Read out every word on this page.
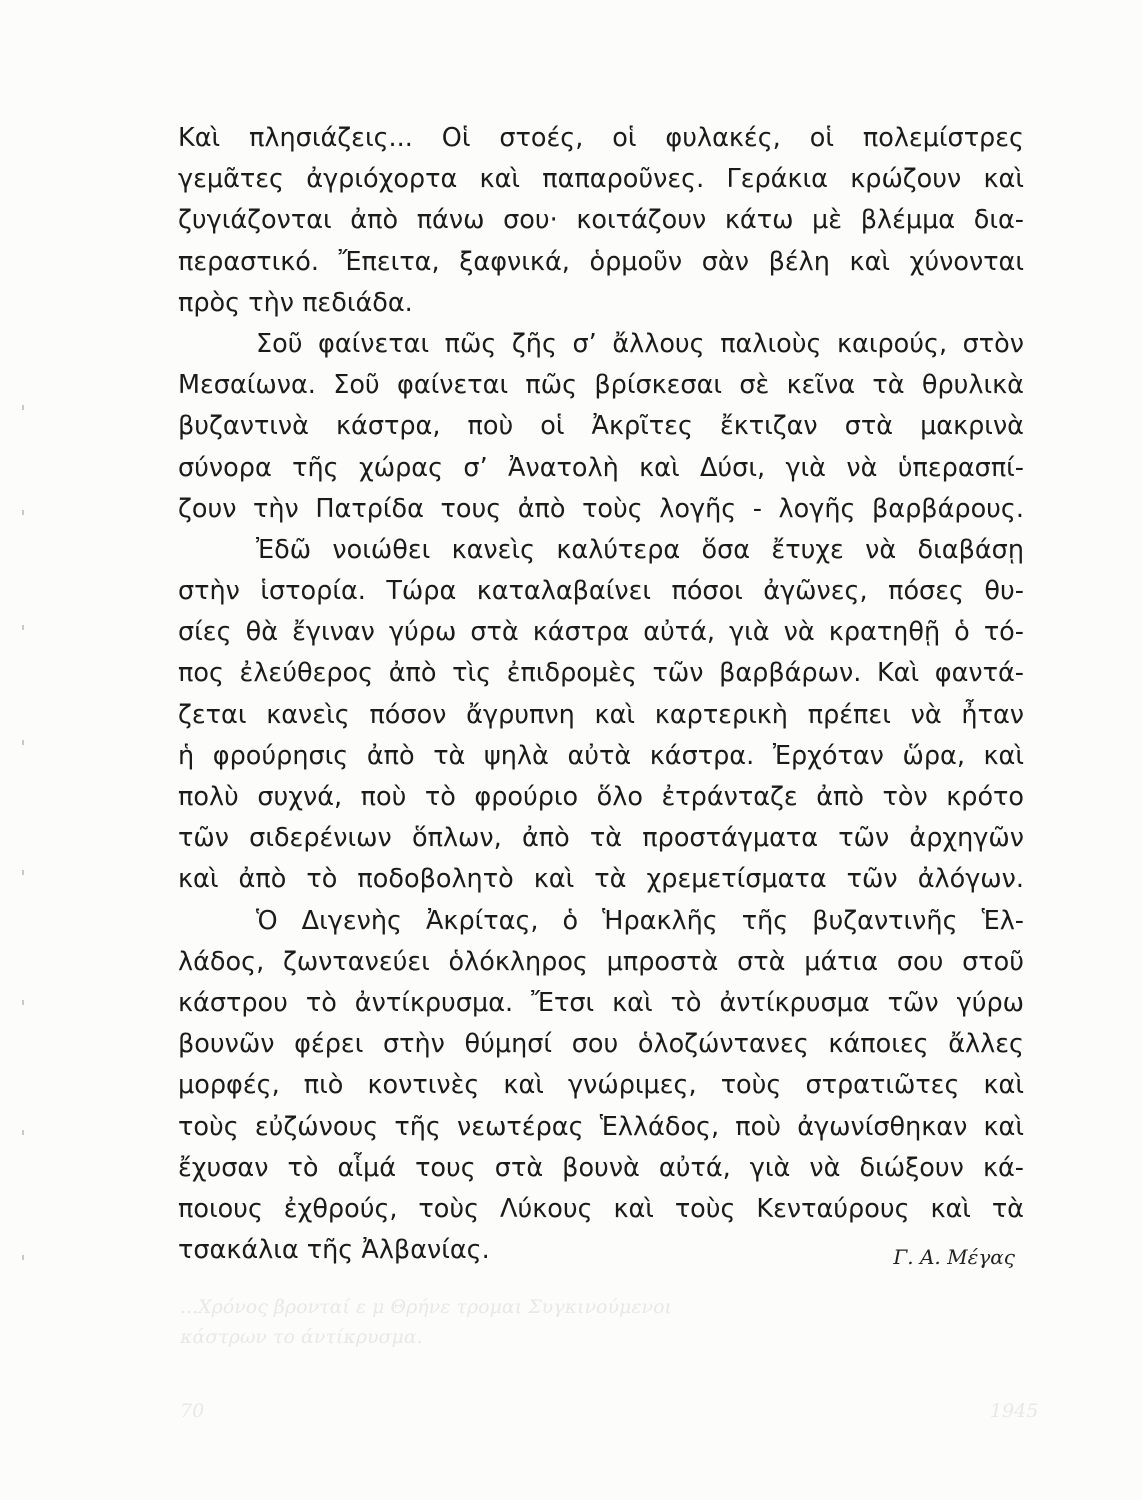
...Χρόνος βρονταί ε μ Θρήνε τρομαι Συγκινούμενοι
κάστρων το άντίκρυσμα.
70	1945
Καὶ πλησιάζεις... Οἱ στοές, οἱ φυλακές, οἱ πολεμίστρες
γεμᾶτες ἀγριόχορτα καὶ παπαροῦνες. Γεράκια κρώζουν καὶ
ζυγιάζονται ἀπὸ πάνω σου· κοιτάζουν κάτω μὲ βλέμμα δια-
περαστικό. Ἔπειτα, ξαφνικά, ὁρμοῦν σὰν βέλη καὶ χύνονται
πρὸς τὴν πεδιάδα.
Σοῦ φαίνεται πῶς ζῆς σ’ ἄλλους παλιοὺς καιρούς, στὸν
Μεσαίωνα. Σοῦ φαίνεται πῶς βρίσκεσαι σὲ κεῖνα τὰ θρυλικὰ
βυζαντινὰ κάστρα, ποὺ οἱ Ἀκρῖτες ἔκτιζαν στὰ μακρινὰ
σύνορα τῆς χώρας σ’ Ἀνατολὴ καὶ Δύσι, γιὰ νὰ ὑπερασπί-
ζουν τὴν Πατρίδα τους ἀπὸ τοὺς λογῆς - λογῆς βαρβάρους.
Ἐδῶ νοιώθει κανεὶς καλύτερα ὅσα ἔτυχε νὰ διαβάσῃ
στὴν ἱστορία. Τώρα καταλαβαίνει πόσοι ἀγῶνες, πόσες θυ-
σίες θὰ ἔγιναν γύρω στὰ κάστρα αὐτά, γιὰ νὰ κρατηθῇ ὁ τό-
πος ἐλεύθερος ἀπὸ τὶς ἐπιδρομὲς τῶν βαρβάρων. Καὶ φαντά-
ζεται κανεὶς πόσον ἄγρυπνη καὶ καρτερικὴ πρέπει νὰ ἦταν
ἡ φρούρησις ἀπὸ τὰ ψηλὰ αὐτὰ κάστρα. Ἐρχόταν ὥρα, καὶ
πολὺ συχνά, ποὺ τὸ φρούριο ὅλο ἐτράνταζε ἀπὸ τὸν κρότο
τῶν σιδερένιων ὅπλων, ἀπὸ τὰ προστάγματα τῶν ἀρχηγῶν
καὶ ἀπὸ τὸ ποδοβολητὸ καὶ τὰ χρεμετίσματα τῶν ἀλόγων.
Ὁ Διγενὴς Ἀκρίτας, ὁ Ἡρακλῆς τῆς βυζαντινῆς Ἑλ-
λάδος, ζωντανεύει ὁλόκληρος μπροστὰ στὰ μάτια σου στοῦ
κάστρου τὸ ἀντίκρυσμα. Ἔτσι καὶ τὸ ἀντίκρυσμα τῶν γύρω
βουνῶν φέρει στὴν θύμησί σου ὁλοζώντανες κάποιες ἄλλες
μορφές, πιὸ κοντινὲς καὶ γνώριμες, τοὺς στρατιῶτες καὶ
τοὺς εὐζώνους τῆς νεωτέρας Ἑλλάδος, ποὺ ἀγωνίσθηκαν καὶ
ἔχυσαν τὸ αἷμά τους στὰ βουνὰ αὐτά, γιὰ νὰ διώξουν κά-
ποιους ἐχθρούς, τοὺς Λύκους καὶ τοὺς Κενταύρους καὶ τὰ
τσακάλια τῆς Ἀλβανίας.	Γ. Α. Μέγας
